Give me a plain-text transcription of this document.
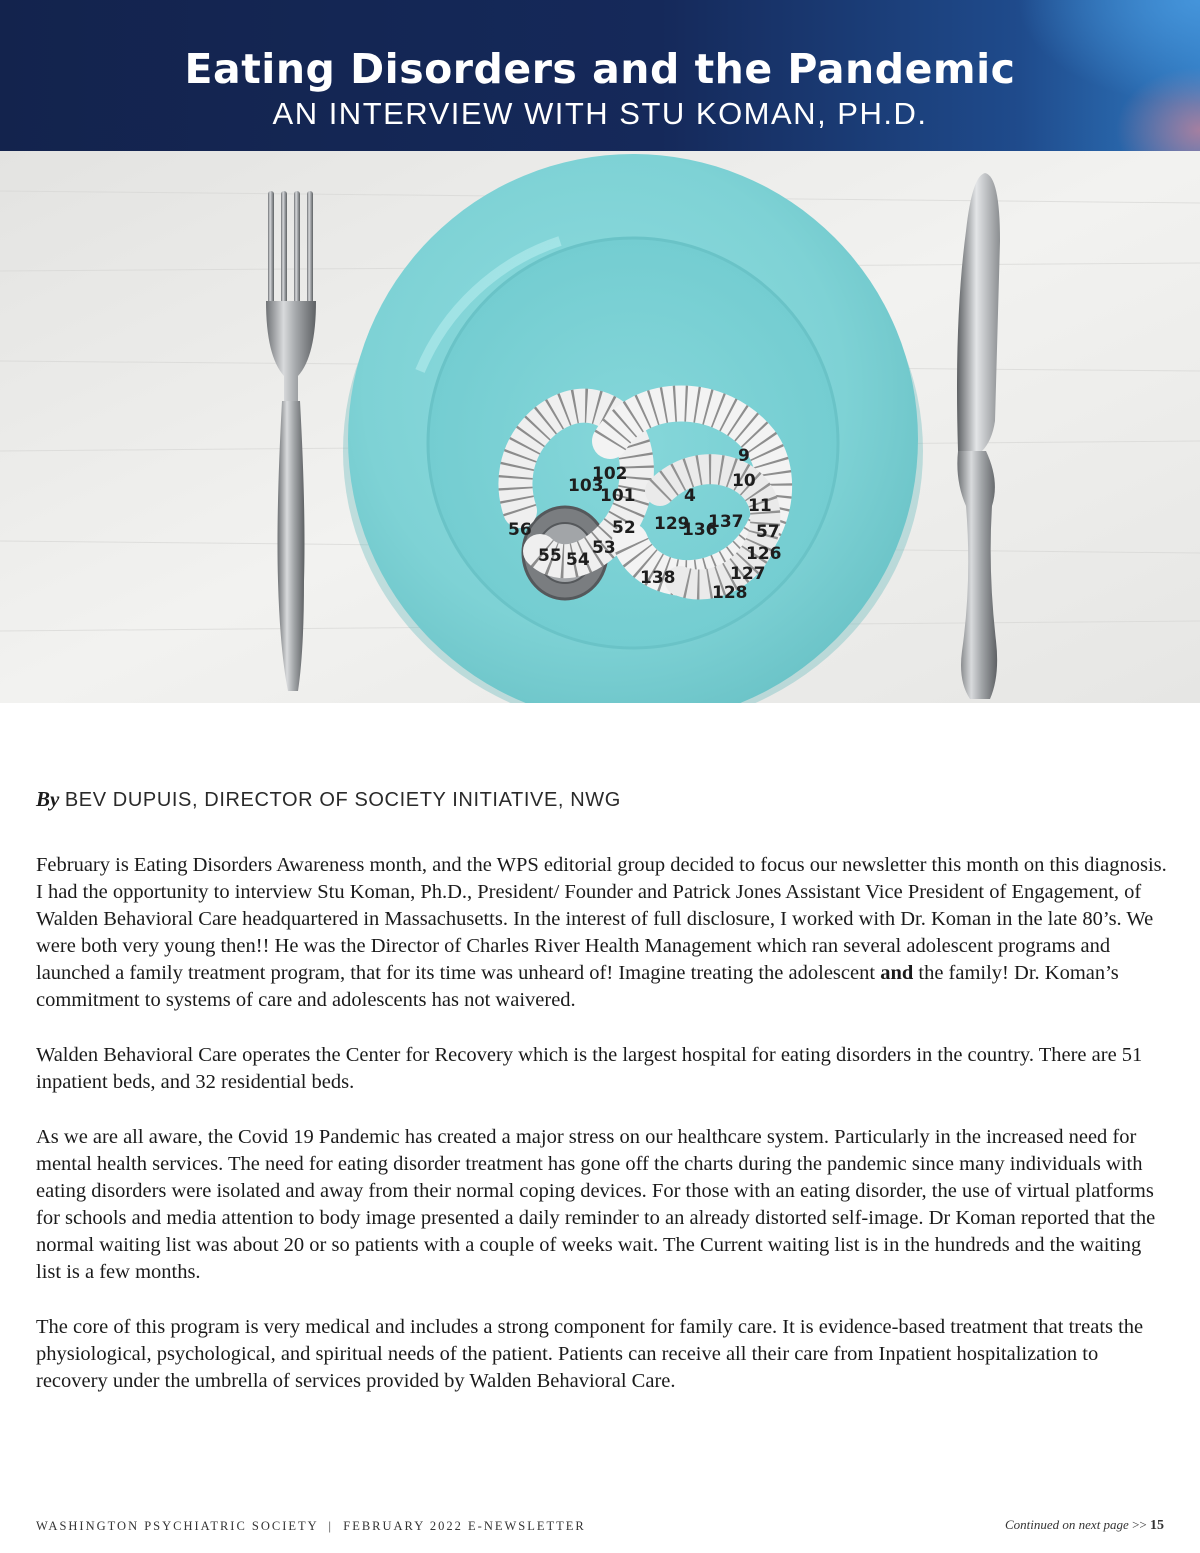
Eating Disorders and the Pandemic
AN INTERVIEW WITH STU KOMAN, PH.D.
9
10
11
4
101
102
103
52
53
54
55
56	57
126
127
128
129
136
137
138
By BEV DUPUIS, DIRECTOR OF SOCIETY INITIATIVE, NWG

February is Eating Disorders Awareness month, and the WPS editorial group decided to focus our newsletter this month on this diagnosis. I had the opportunity to interview Stu Koman, Ph.D., President/ Founder and Patrick Jones Assistant Vice President of Engagement, of Walden Behavioral Care headquartered in Massachusetts. In the interest of full disclosure, I worked with Dr. Koman in the late 80’s. We were both very young then!! He was the Director of Charles River Health Management which ran several adolescent programs and launched a family treatment program, that for its time was unheard of! Imagine treating the adolescent and the family! Dr. Koman’s commitment to systems of care and adolescents has not waivered.

Walden Behavioral Care operates the Center for Recovery which is the largest hospital for eating disorders in the country. There are 51 inpatient beds, and 32 residential beds.

As we are all aware, the Covid 19 Pandemic has created a major stress on our healthcare system. Particularly in the increased need for mental health services. The need for eating disorder treatment has gone off the charts during the pandemic since many individuals with eating disorders were isolated and away from their normal coping devices. For those with an eating disorder, the use of virtual platforms for schools and media attention to body image presented a daily reminder to an already distorted self-image. Dr Koman reported that the normal waiting list was about 20 or so patients with a couple of weeks wait. The Current waiting list is in the hundreds and the waiting list is a few months.

The core of this program is very medical and includes a strong component for family care. It is evidence-based treatment that treats the physiological, psychological, and spiritual needs of the patient. Patients can receive all their care from Inpatient hospitalization to recovery under the umbrella of services provided by Walden Behavioral Care.

WASHINGTON PSYCHIATRIC SOCIETY  |  FEBRUARY 2022 E-NEWSLETTER	Continued on next page >> 15
